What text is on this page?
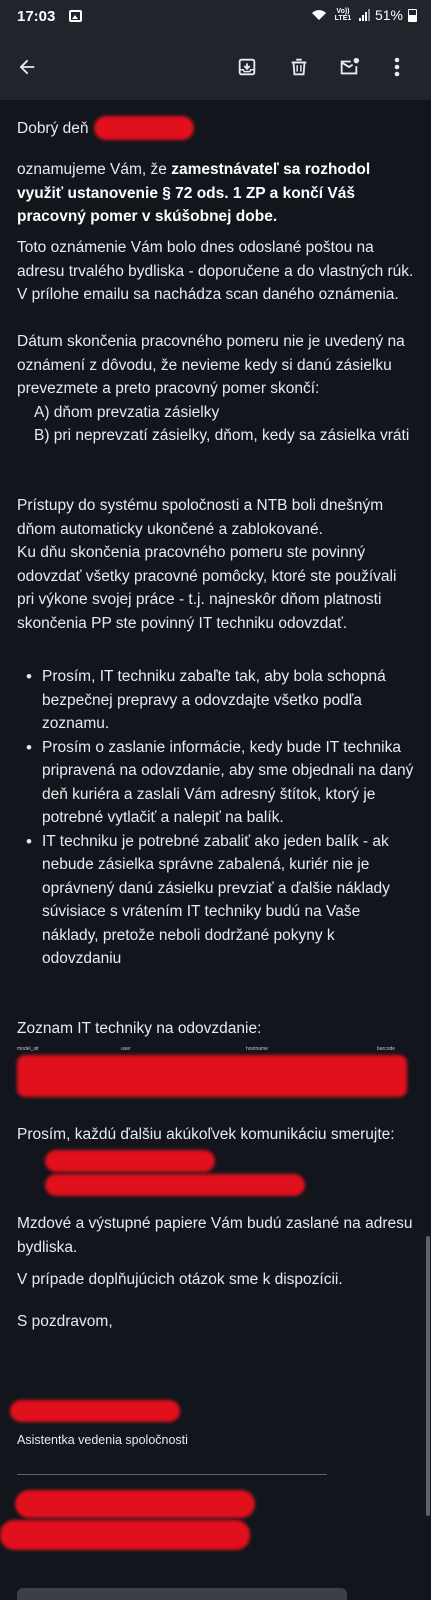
17:03	Vo)) LTE1 51%
Dobrý deň
oznamujeme Vám, že zamestnávateľ sa rozhodol využiť ustanovenie § 72 ods. 1 ZP a končí Váš pracovný pomer v skúšobnej dobe.
Toto oznámenie Vám bolo dnes odoslané poštou na adresu trvalého bydliska - doporučene a do vlastných rúk. V prílohe emailu sa nachádza scan daného oznámenia.
Dátum skončenia pracovného pomeru nie je uvedený na oznámení z dôvodu, že nevieme kedy si danú zásielku prevezmete a preto pracovný pomer skončí:
A) dňom prevzatia zásielky
B) pri neprevzatí zásielky, dňom, kedy sa zásielka vráti
Prístupy do systému spoločnosti a NTB boli dnešným dňom automaticky ukončené a zablokované.
Ku dňu skončenia pracovného pomeru ste povinný odovzdať všetky pracovné pomôcky, ktoré ste používali pri výkone svojej práce - t.j. najneskôr dňom platnosti skončenia PP ste povinný IT techniku odovzdať.
• Prosím, IT techniku zabaľte tak, aby bola schopná bezpečnej prepravy a odovzdajte všetko podľa zoznamu.
• Prosím o zaslanie informácie, kedy bude IT technika pripravená na odovzdanie, aby sme objednali na daný deň kuriéra a zaslali Vám adresný štítok, ktorý je potrebné vytlačiť a nalepiť na balík.
• IT techniku je potrebné zabaliť ako jeden balík - ak nebude zásielka správne zabalená, kuriér nie je oprávnený danú zásielku prevziať a ďalšie náklady súvisiace s vrátením IT techniky budú na Vaše náklady, pretože neboli dodržané pokyny k odovzdaniu
Zoznam IT techniky na odovzdanie:
model_str	user	hostname	barcode
Prosím, každú ďalšiu akúkoľvek komunikáciu smerujte:
Mzdové a výstupné papiere Vám budú zaslané na adresu bydliska.
V prípade doplňujúcich otázok sme k dispozícii.
S pozdravom,
Asistentka vedenia spoločnosti
